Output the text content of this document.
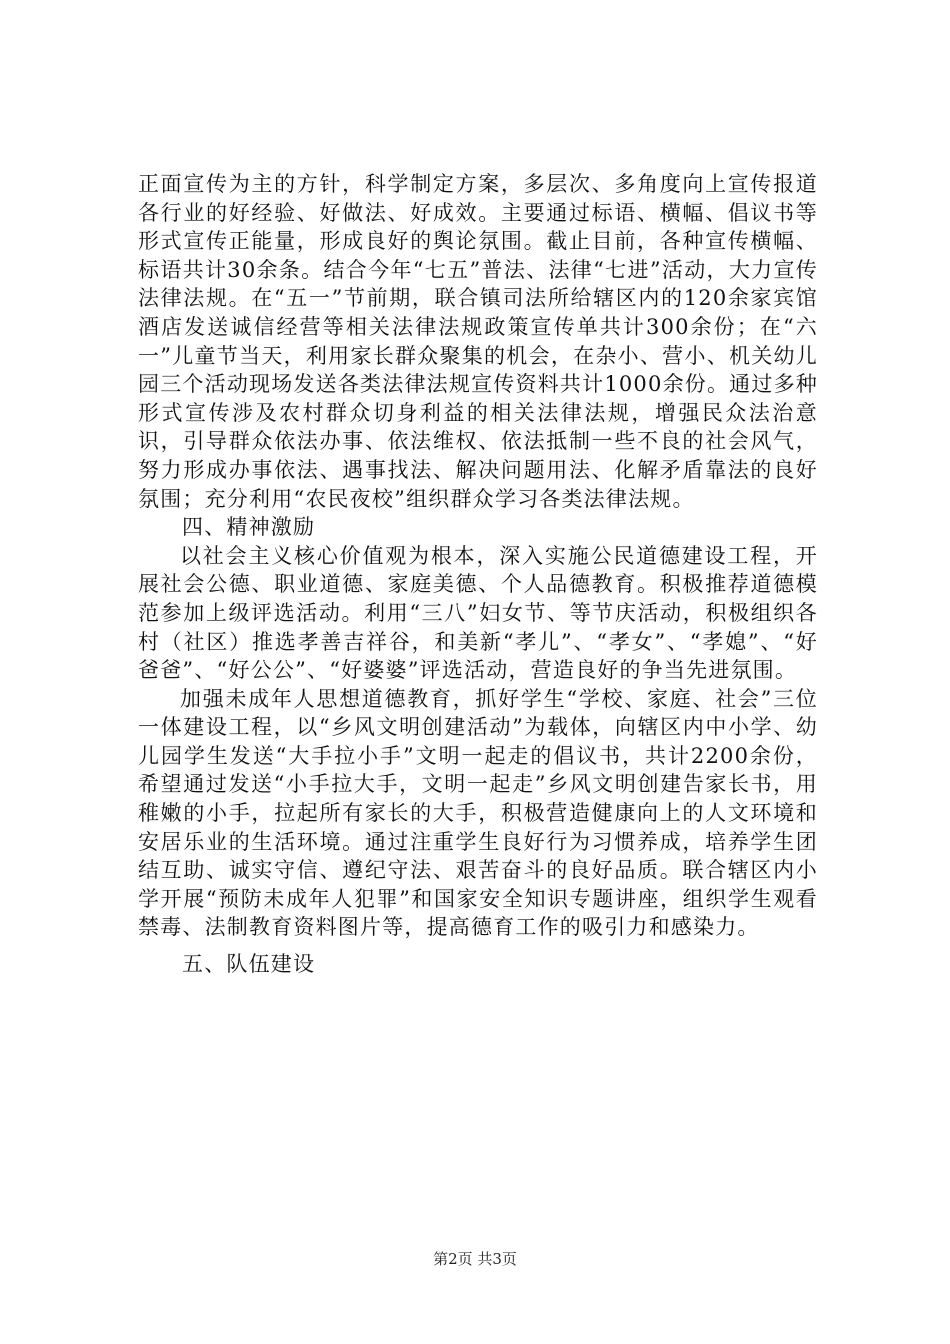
正面宣传为主的方针，科学制定方案，多层次、多角度向上宣传报道各行业的好经验、好做法、好成效。主要通过标语、横幅、倡议书等形式宣传正能量，形成良好的舆论氛围。截止目前，各种宣传横幅、标语共计30余条。结合今年“七五”普法、法律“七进”活动，大力宣传法律法规。在“五一”节前期，联合镇司法所给辖区内的120余家宾馆酒店发送诚信经营等相关法律法规政策宣传单共计300余份；在“六一”儿童节当天，利用家长群众聚集的机会，在杂小、营小、机关幼儿园三个活动现场发送各类法律法规宣传资料共计1000余份。通过多种形式宣传涉及农村群众切身利益的相关法律法规，增强民众法治意识，引导群众依法办事、依法维权、依法抵制一些不良的社会风气，努力形成办事依法、遇事找法、解决问题用法、化解矛盾靠法的良好氛围；充分利用“农民夜校”组织群众学习各类法律法规。

四、精神激励

以社会主义核心价值观为根本，深入实施公民道德建设工程，开展社会公德、职业道德、家庭美德、个人品德教育。积极推荐道德模范参加上级评选活动。利用“三八”妇女节、等节庆活动，积极组织各村（社区）推选孝善吉祥谷，和美新“孝儿”、“孝女”、“孝媳”、“好爸爸”、“好公公”、“好婆婆”评选活动，营造良好的争当先进氛围。

加强未成年人思想道德教育，抓好学生“学校、家庭、社会”三位一体建设工程，以“乡风文明创建活动”为载体，向辖区内中小学、幼儿园学生发送“大手拉小手”文明一起走的倡议书，共计2200余份，希望通过发送“小手拉大手，文明一起走”乡风文明创建告家长书，用稚嫩的小手，拉起所有家长的大手，积极营造健康向上的人文环境和安居乐业的生活环境。通过注重学生良好行为习惯养成，培养学生团结互助、诚实守信、遵纪守法、艰苦奋斗的良好品质。联合辖区内小学开展“预防未成年人犯罪”和国家安全知识专题讲座，组织学生观看禁毒、法制教育资料图片等，提高德育工作的吸引力和感染力。

五、队伍建设

第2页 共3页
